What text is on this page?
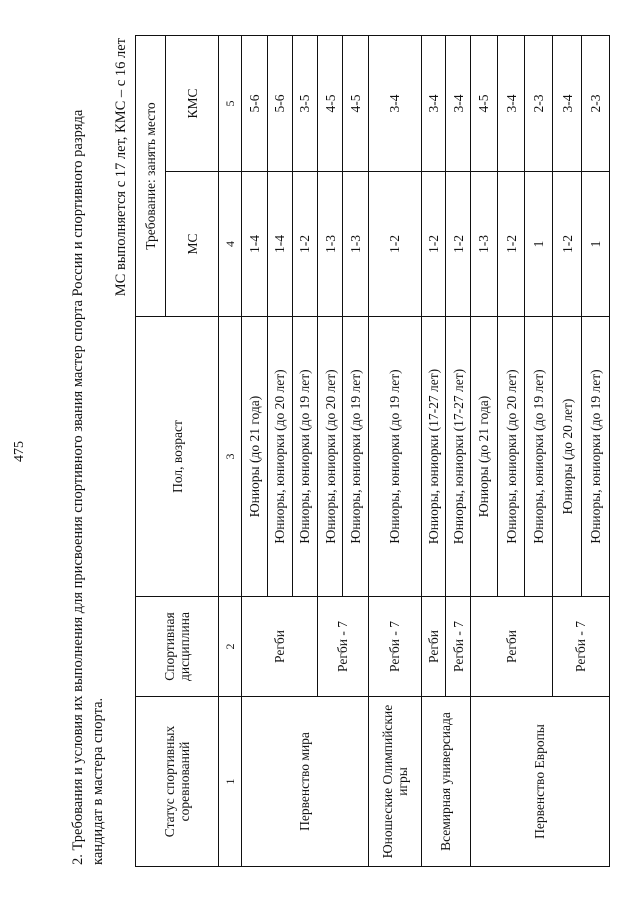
475	2. Требования и условия их выполнения для присвоения спортивного звания мастер спорта России и спортивного разряда кандидат в мастера спорта.
МС выполняется с 17 лет, КМС – с 16 лет
Статус спортивных соревнований	Спортивная дисциплина	Пол, возраст	Требование: занять место	
			МС	КМС
1	2	3	4	5
Первенство мира	Регби	Юниоры (до 21 года)	1-4	5-6
		Юниоры, юниорки (до 20 лет)	1-4	5-6
		Юниоры, юниорки (до 19 лет)	1-2	3-5
	Регби - 7	Юниоры, юниорки (до 20 лет)	1-3	4-5
		Юниоры, юниорки (до 19 лет)	1-3	4-5
Юношеские Олимпийские игры	Регби - 7	Юниоры, юниорки (до 19 лет)	1-2	3-4
Всемирная универсиада	Регби	Юниоры, юниорки (17-27 лет)	1-2	3-4
	Регби - 7	Юниоры, юниорки (17-27 лет)	1-2	3-4
Первенство Европы	Регби	Юниоры (до 21 года)	1-3	4-5
		Юниоры, юниорки (до 20 лет)	1-2	3-4
		Юниоры, юниорки (до 19 лет)	1	2-3
	Регби - 7	Юниоры (до 20 лет)	1-2	3-4
		Юниоры, юниорки (до 19 лет)	1	2-3
